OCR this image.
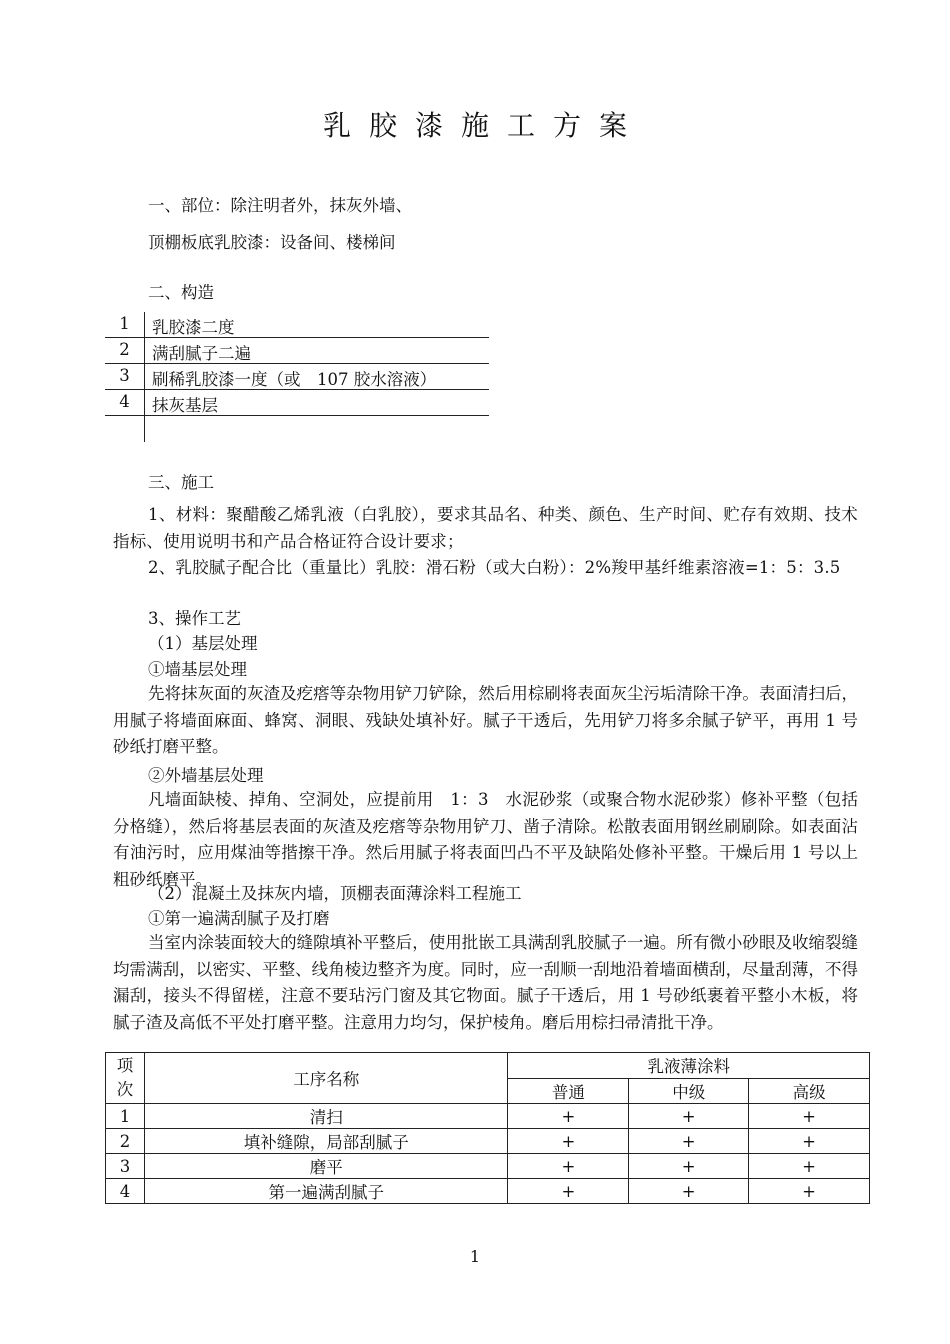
乳胶漆施工方案
一、部位：除注明者外，抹灰外墙、
顶棚板底乳胶漆：设备间、楼梯间
二、构造
1	乳胶漆二度
2	满刮腻子二遍
3	刷稀乳胶漆一度（或　107 胶水溶液）
4	抹灰基层
三、施工
1、材料：聚醋酸乙烯乳液（白乳胶），要求其品名、种类、颜色、生产时间、贮存有效期、技术指标、使用说明书和产品合格证符合设计要求；
2、乳胶腻子配合比（重量比）乳胶：滑石粉（或大白粉）：2%羧甲基纤维素溶液=1：5：3.5
3、操作工艺
（1）基层处理
①墙基层处理
先将抹灰面的灰渣及疙瘩等杂物用铲刀铲除，然后用棕刷将表面灰尘污垢清除干净。表面清扫后，用腻子将墙面麻面、蜂窝、洞眼、残缺处填补好。腻子干透后，先用铲刀将多余腻子铲平，再用 1 号砂纸打磨平整。
②外墙基层处理
凡墙面缺棱、掉角、空洞处，应提前用　1：3　水泥砂浆（或聚合物水泥砂浆）修补平整（包括分格缝），然后将基层表面的灰渣及疙瘩等杂物用铲刀、凿子清除。松散表面用钢丝刷刷除。如表面沾有油污时，应用煤油等揩擦干净。然后用腻子将表面凹凸不平及缺陷处修补平整。干燥后用 1 号以上粗砂纸磨平。
（2）混凝土及抹灰内墙，顶棚表面薄涂料工程施工
①第一遍满刮腻子及打磨
当室内涂装面较大的缝隙填补平整后，使用批嵌工具满刮乳胶腻子一遍。所有微小砂眼及收缩裂缝均需满刮，以密实、平整、线角棱边整齐为度。同时，应一刮顺一刮地沿着墙面横刮，尽量刮薄，不得漏刮，接头不得留槎，注意不要玷污门窗及其它物面。腻子干透后，用 1 号砂纸裹着平整小木板，将腻子渣及高低不平处打磨平整。注意用力均匀，保护棱角。磨后用棕扫帚清批干净。
项次	工序名称	乳液薄涂料		
		普通	中级	高级
1	清扫	+	+	+
2	填补缝隙，局部刮腻子	+	+	+
3	磨平	+	+	+
4	第一遍满刮腻子	+	+	+
1
